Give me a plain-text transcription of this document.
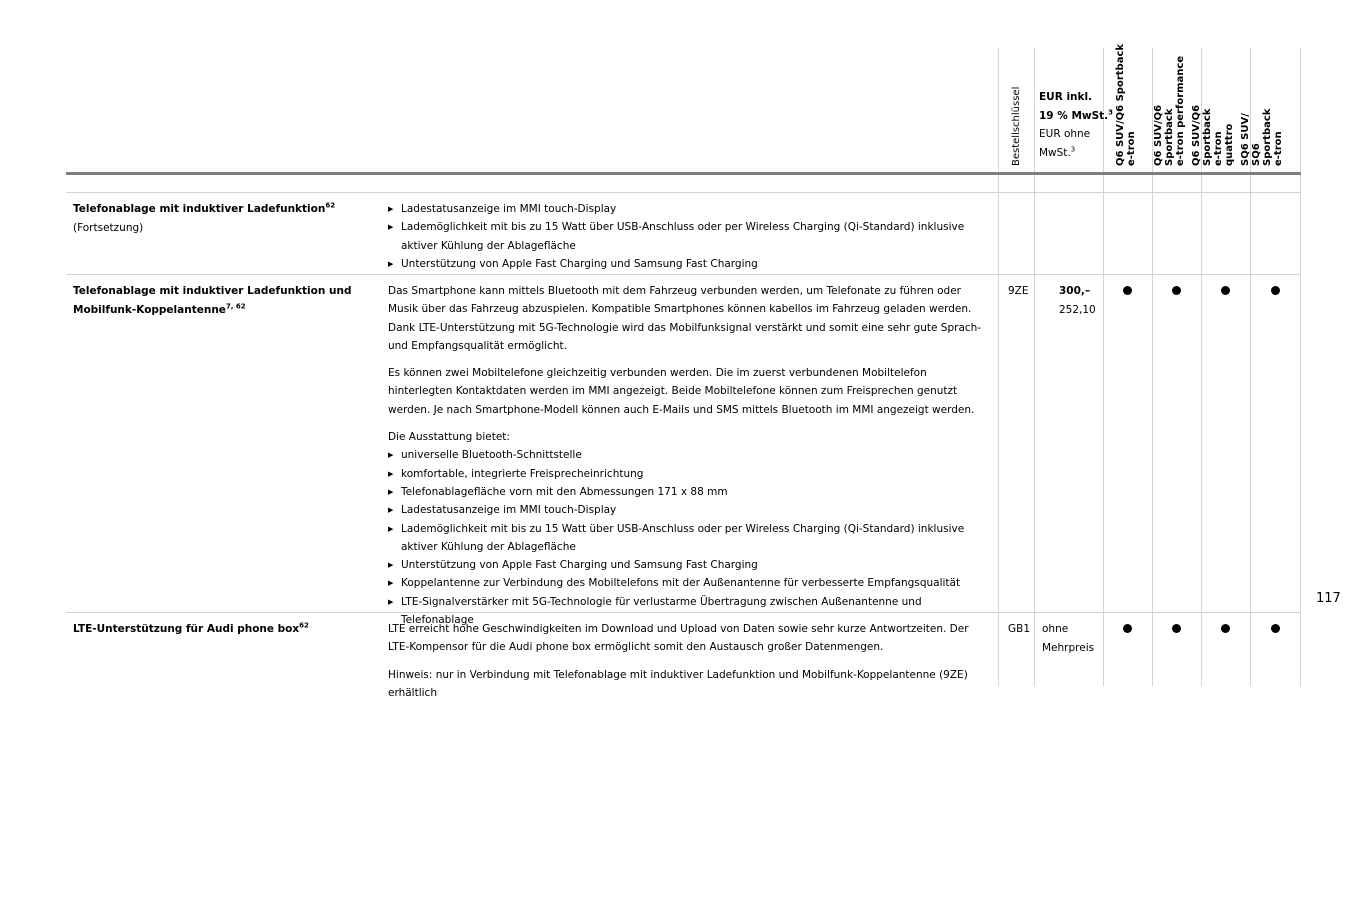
Bestellschlüssel EUR inkl.
19 % MwSt.$^3$
EUR ohne
MwSt.$^3$
Q6 SUV/Q6 Sportback
e-tron Q6 SUV/Q6 Sportback
e-tron performance
Q6 SUV/Q6 Sportback
e-tron quattro SQ6 SUV/
SQ6 Sportback e-tron
Telefonablage mit induktiver Ladefunktion$^{62}$ (Fortsetzung)
▶ Ladestatusanzeige im MMI touch-Display
▶ Lademöglichkeit mit bis zu 15 Watt über USB-Anschluss oder per Wireless Charging (Qi-Standard) inklusive aktiver Kühlung der Ablagefläche
▶ Unterstützung von Apple Fast Charging und Samsung Fast Charging
Telefonablage mit induktiver Ladefunktion und Mobilfunk-Koppelantenne$^{7, 62}$

Das Smartphone kann mittels Bluetooth mit dem Fahrzeug verbunden werden, um Telefonate zu führen oder Musik über das Fahrzeug abzuspielen. Kompatible Smartphones können kabellos im Fahrzeug geladen werden. Dank LTE-Unterstützung mit 5G-Technologie wird das Mobilfunksignal verstärkt und somit eine sehr gute Sprach- und Empfangsqualität ermöglicht.

Es können zwei Mobiltelefone gleichzeitig verbunden werden. Die im zuerst verbundenen Mobiltelefon hinterlegten Kontaktdaten werden im MMI angezeigt. Beide Mobiltelefone können zum Freisprechen genutzt werden. Je nach Smartphone-Modell können auch E-Mails und SMS mittels Bluetooth im MMI angezeigt werden.

Die Ausstattung bietet:
▶ universelle Bluetooth-Schnittstelle
▶ komfortable, integrierte Freisprecheinrichtung
▶ Telefonablagefläche vorn mit den Abmessungen 171 x 88 mm
▶ Ladestatusanzeige im MMI touch-Display
▶ Lademöglichkeit mit bis zu 15 Watt über USB-Anschluss oder per Wireless Charging (Qi-Standard) inklusive aktiver Kühlung der Ablagefläche
▶ Unterstützung von Apple Fast Charging und Samsung Fast Charging
▶ Koppelantenne zur Verbindung des Mobiltelefons mit der Außenantenne für verbesserte Empfangsqualität
▶ LTE-Signalverstärker mit 5G-Technologie für verlustarme Übertragung zwischen Außenantenne und Telefonablage
9ZE	300,–
252,10
LTE-Unterstützung für Audi phone box$^{62}$	LTE erreicht hohe Geschwindigkeiten im Download und Upload von Daten sowie sehr kurze Antwortzeiten. Der LTE-Kompensor für die Audi phone box ermöglicht somit den Austausch großer Datenmengen.

Hinweis: nur in Verbindung mit Telefonablage mit induktiver Ladefunktion und Mobilfunk-Koppelantenne (9ZE) erhältlich
GB1 ohne
Mehrpreis
117
